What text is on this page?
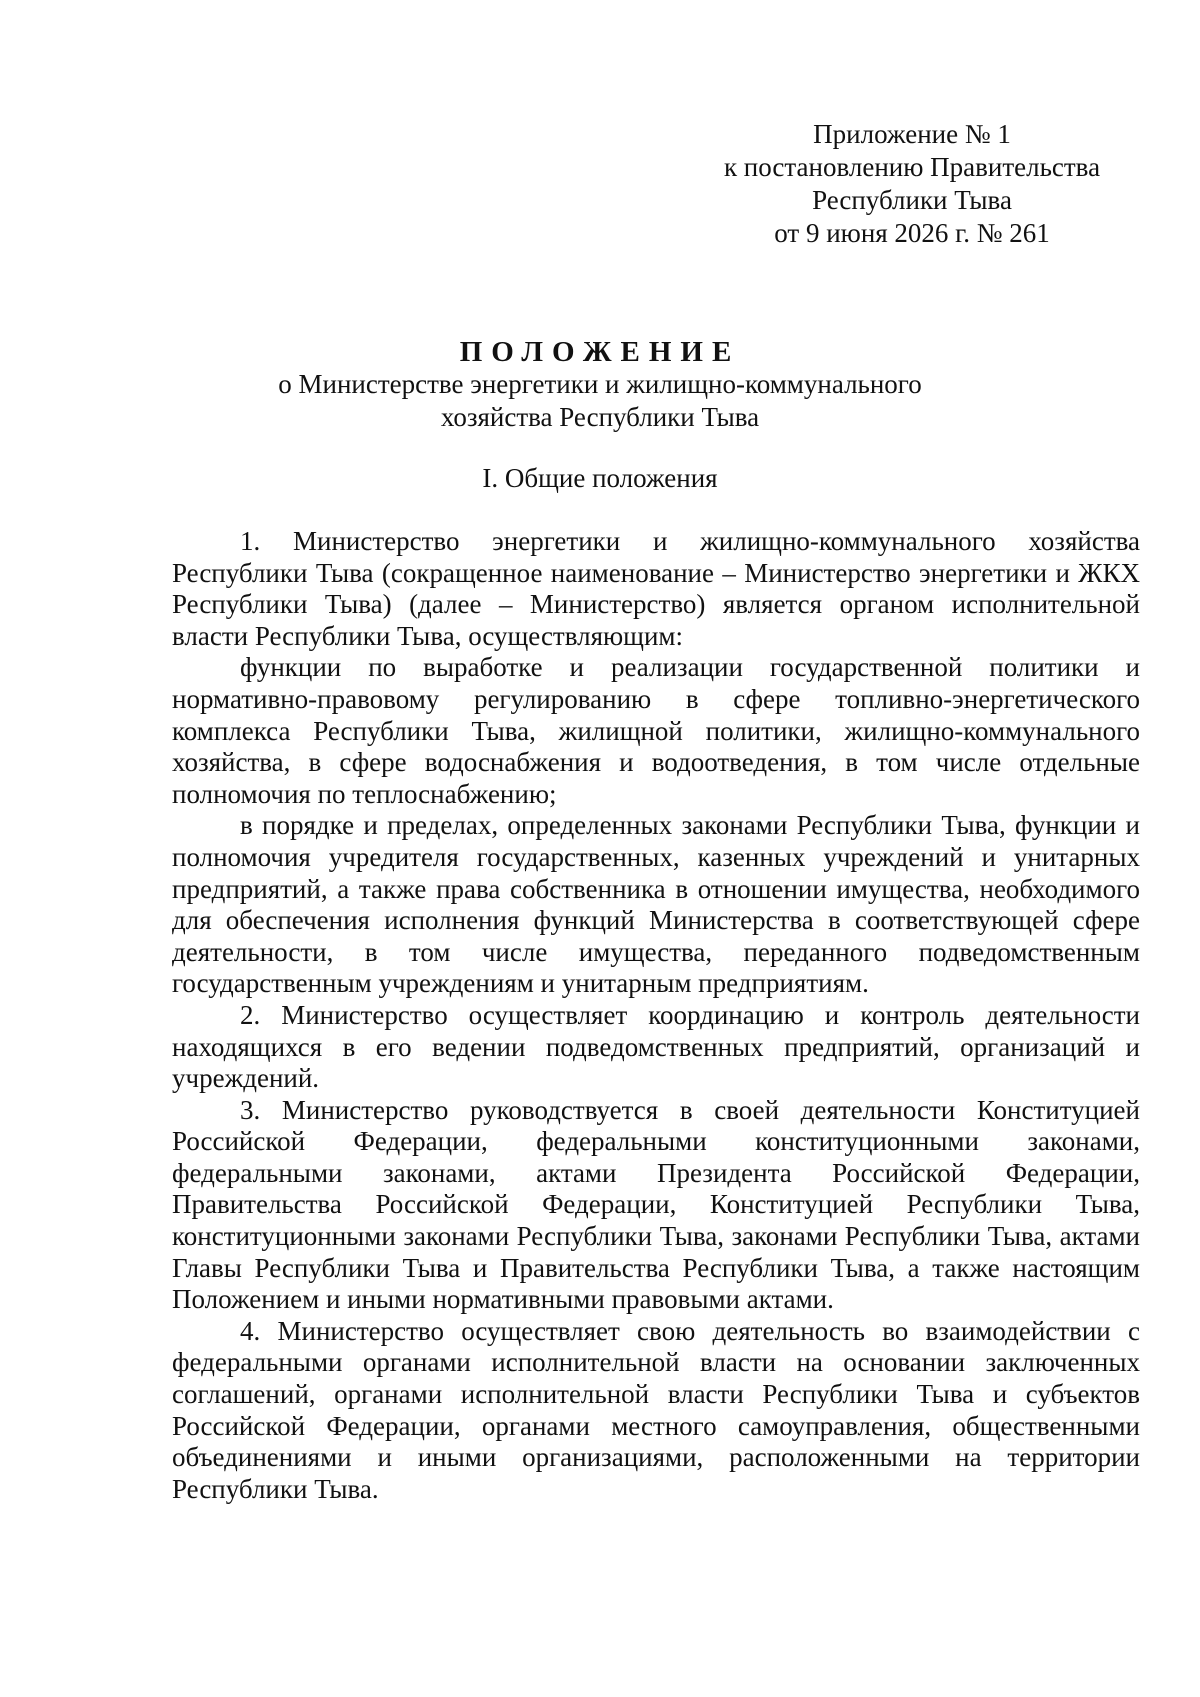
Приложение № 1
к постановлению Правительства
Республики Тыва
от 9 июня 2026 г. № 261
ПОЛОЖЕНИЕ
о Министерстве энергетики и жилищно-коммунального
хозяйства Республики Тыва
I. Общие положения

1. Министерство энергетики и жилищно-коммунального хозяйства Республики Тыва (сокращенное наименование – Министерство энергетики и ЖКХ Республики Тыва) (далее – Министерство) является органом исполнительной власти Республики Тыва, осуществляющим:

функции по выработке и реализации государственной политики и нормативно-правовому регулированию в сфере топливно-энергетического комплекса Республики Тыва, жилищной политики, жилищно-коммунального хозяйства, в сфере водоснабжения и водоотведения, в том числе отдельные полномочия по теплоснабжению;

в порядке и пределах, определенных законами Республики Тыва, функции и полномочия учредителя государственных, казенных учреждений и унитарных предприятий, а также права собственника в отношении имущества, необходимого для обеспечения исполнения функций Министерства в соответствующей сфере деятельности, в том числе имущества, переданного подведомственным государственным учреждениям и унитарным предприятиям.

2. Министерство осуществляет координацию и контроль деятельности находящихся в его ведении подведомственных предприятий, организаций и учреждений.

3. Министерство руководствуется в своей деятельности Конституцией Российской Федерации, федеральными конституционными законами, федеральными законами, актами Президента Российской Федерации, Правительства Российской Федерации, Конституцией Республики Тыва, конституционными законами Республики Тыва, законами Республики Тыва, актами Главы Республики Тыва и Правительства Республики Тыва, а также настоящим Положением и иными нормативными правовыми актами.

4. Министерство осуществляет свою деятельность во взаимодействии с федеральными органами исполнительной власти на основании заключенных соглашений, органами исполнительной власти Республики Тыва и субъектов Российской Федерации, органами местного самоуправления, общественными объединениями и иными организациями, расположенными на территории Республики Тыва.
